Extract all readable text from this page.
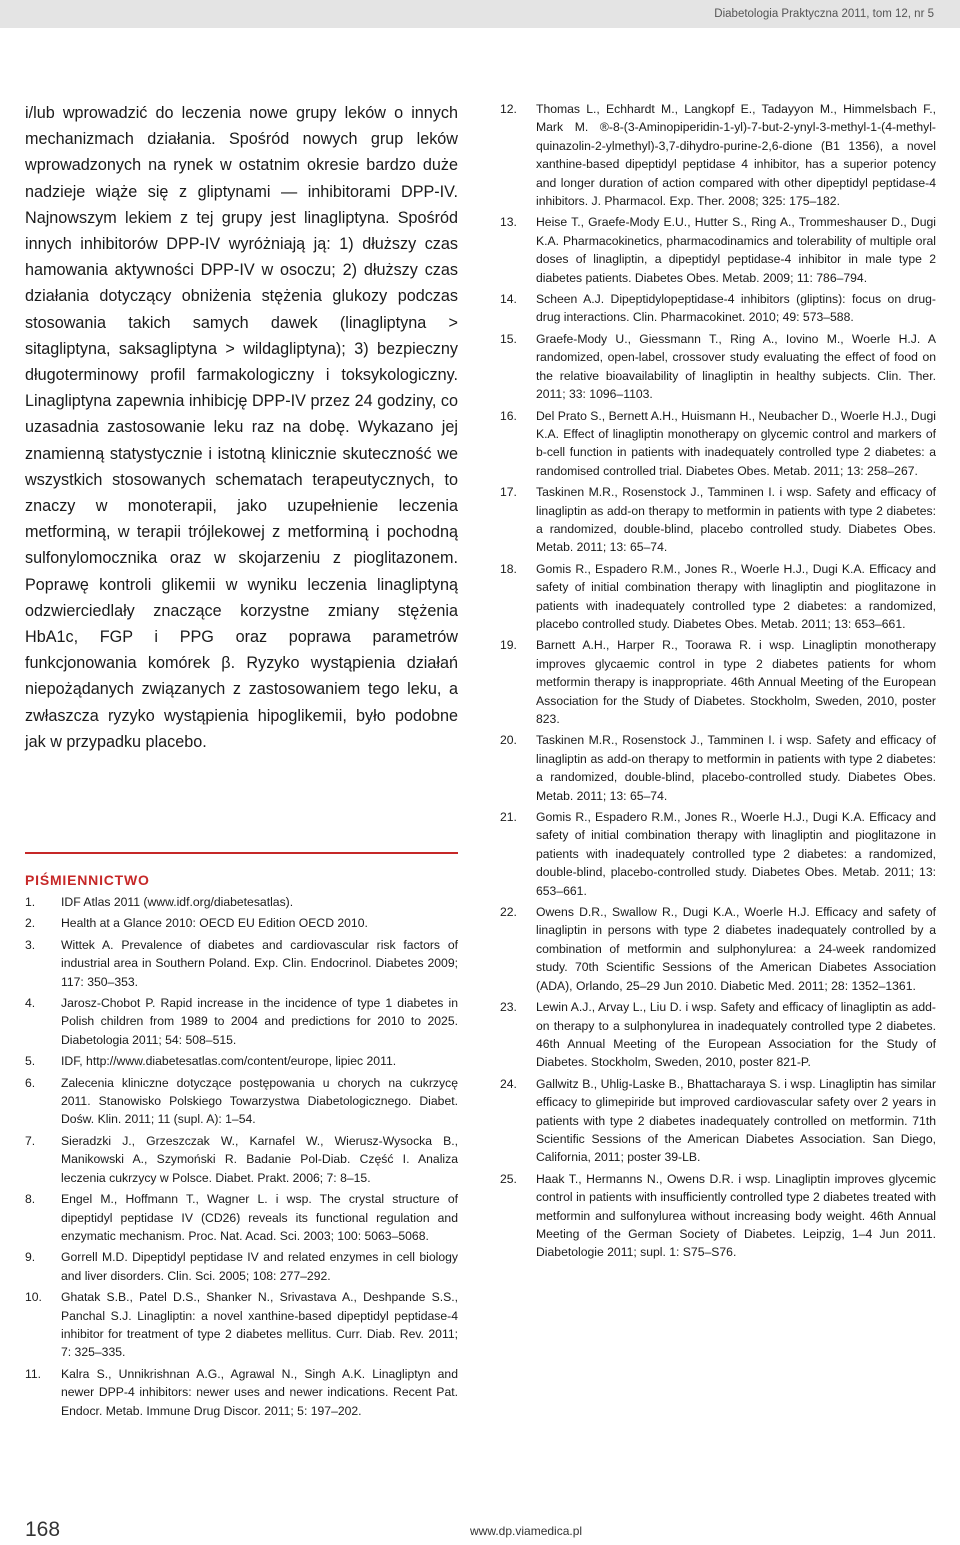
Diabetologia Praktyczna 2011, tom 12, nr 5

i/lub wprowadzić do leczenia nowe grupy leków o innych mechanizmach działania. Spośród nowych grup leków wprowadzonych na rynek w ostatnim okresie bardzo duże nadzieje wiąże się z gliptynami — inhibitorami DPP-IV. Najnowszym lekiem z tej grupy jest linagliptyna. Spośród innych inhibitorów DPP-IV wyróżniają ją: 1) dłuższy czas hamowania aktywności DPP-IV w osoczu; 2) dłuższy czas działania dotyczący obniżenia stężenia glukozy podczas stosowania takich samych dawek (linagliptyna > sitagliptyna, saksagliptyna > wildagliptyna); 3) bezpieczny długoterminowy profil farmakologiczny i toksykologiczny. Linagliptyna zapewnia inhibicję DPP-IV przez 24 godziny, co uzasadnia zastosowanie leku raz na dobę. Wykazano jej znamienną statystycznie i istotną klinicznie skuteczność we wszystkich stosowanych schematach terapeutycznych, to znaczy w monoterapii, jako uzupełnienie leczenia metforminą, w terapii trójlekowej z metforminą i pochodną sulfonylomocznika oraz w skojarzeniu z pioglitazonem. Poprawę kontroli glikemii w wyniku leczenia linagliptyną odzwierciedlały znaczące korzystne zmiany stężenia HbA1c, FGP i PPG oraz poprawa parametrów funkcjonowania komórek β. Ryzyko wystąpienia działań niepożądanych związanych z zastosowaniem tego leku, a zwłaszcza ryzyko wystąpienia hipoglikemii, było podobne jak w przypadku placebo.

PIŚMIENNICTWO
1.	IDF Atlas 2011 (www.idf.org/diabetesatlas).
2.	Health at a Glance 2010: OECD EU Edition OECD 2010.
3.	Wittek A. Prevalence of diabetes and cardiovascular risk factors of industrial area in Southern Poland. Exp. Clin. Endocrinol. Diabetes 2009; 117: 350–353.
4.	Jarosz-Chobot P. Rapid increase in the incidence of type 1 diabetes in Polish children from 1989 to 2004 and predictions for 2010 to 2025. Diabetologia 2011; 54: 508–515.
5.	IDF, http://www.diabetesatlas.com/content/europe, lipiec 2011.
6.	Zalecenia kliniczne dotyczące postępowania u chorych na cukrzycę 2011. Stanowisko Polskiego Towarzystwa Diabetologicznego. Diabet. Dośw. Klin. 2011; 11 (supl. A): 1–54.
7.	Sieradzki J., Grzeszczak W., Karnafel W., Wierusz-Wysocka B., Manikowski A., Szymoński R. Badanie Pol-Diab. Część I. Analiza leczenia cukrzycy w Polsce. Diabet. Prakt. 2006; 7: 8–15.
8.	Engel M., Hoffmann T., Wagner L. i wsp. The crystal structure of dipeptidyl peptidase IV (CD26) reveals its functional regulation and enzymatic mechanism. Proc. Nat. Acad. Sci. 2003; 100: 5063–5068.
9.	Gorrell M.D. Dipeptidyl peptidase IV and related enzymes in cell biology and liver disorders. Clin. Sci. 2005; 108: 277–292.
10.	Ghatak S.B., Patel D.S., Shanker N., Srivastava A., Deshpande S.S., Panchal S.J. Linagliptin: a novel xanthine-based dipeptidyl peptidase-4 inhibitor for treatment of type 2 diabetes mellitus. Curr. Diab. Rev. 2011; 7: 325–335.
11.	Kalra S., Unnikrishnan A.G., Agrawal N., Singh A.K. Linagliptyn and newer DPP-4 inhibitors: newer uses and newer indications. Recent Pat. Endocr. Metab. Immune Drug Discor. 2011; 5: 197–202.
12.	Thomas L., Echhardt M., Langkopf E., Tadayyon M., Himmelsbach F., Mark M. ®-8-(3-Aminopiperidin-1-yl)-7-but-2-ynyl-3-methyl-1-(4-methyl-quinazolin-2-ylmethyl)-3,7-dihydro-purine-2,6-dione (B1 1356), a novel xanthine-based dipeptidyl peptidase 4 inhibitor, has a superior potency and longer duration of action compared with other dipeptidyl peptidase-4 inhibitors. J. Pharmacol. Exp. Ther. 2008; 325: 175–182.
13.	Heise T., Graefe-Mody E.U., Hutter S., Ring A., Trommeshauser D., Dugi K.A. Pharmacokinetics, pharmacodinamics and tolerability of multiple oral doses of linagliptin, a dipeptidyl peptidase-4 inhibitor in male type 2 diabetes patients. Diabetes Obes. Metab. 2009; 11: 786–794.
14.	Scheen A.J. Dipeptidylopeptidase-4 inhibitors (gliptins): focus on drug-drug interactions. Clin. Pharmacokinet. 2010; 49: 573–588.
15.	Graefe-Mody U., Giessmann T., Ring A., Iovino M., Woerle H.J. A randomized, open-label, crossover study evaluating the effect of food on the relative bioavailability of linagliptin in healthy subjects. Clin. Ther. 2011; 33: 1096–1103.
16.	Del Prato S., Bernett A.H., Huismann H., Neubacher D., Woerle H.J., Dugi K.A. Effect of linagliptin monotherapy on glycemic control and markers of b-cell function in patients with inadequately controlled type 2 diabetes: a randomised controlled trial. Diabetes Obes. Metab. 2011; 13: 258–267.
17.	Taskinen M.R., Rosenstock J., Tamminen I. i wsp. Safety and efficacy of linagliptin as add-on therapy to metformin in patients with type 2 diabetes: a randomized, double-blind, placebo controlled study. Diabetes Obes. Metab. 2011; 13: 65–74.
18.	Gomis R., Espadero R.M., Jones R., Woerle H.J., Dugi K.A. Efficacy and safety of initial combination therapy with linagliptin and pioglitazone in patients with inadequately controlled type 2 diabetes: a randomized, placebo controlled study. Diabetes Obes. Metab. 2011; 13: 653–661.
19.	Barnett A.H., Harper R., Toorawa R. i wsp. Linagliptin monotherapy improves glycaemic control in type 2 diabetes patients for whom metformin therapy is inappropriate. 46th Annual Meeting of the European Association for the Study of Diabetes. Stockholm, Sweden, 2010, poster 823.
20.	Taskinen M.R., Rosenstock J., Tamminen I. i wsp. Safety and efficacy of linagliptin as add-on therapy to metformin in patients with type 2 diabetes: a randomized, double-blind, placebo-controlled study. Diabetes Obes. Metab. 2011; 13: 65–74.
21.	Gomis R., Espadero R.M., Jones R., Woerle H.J., Dugi K.A. Efficacy and safety of initial combination therapy with linagliptin and pioglitazone in patients with inadequately controlled type 2 diabetes: a randomized, double-blind, placebo-controlled study. Diabetes Obes. Metab. 2011; 13: 653–661.
22.	Owens D.R., Swallow R., Dugi K.A., Woerle H.J. Efficacy and safety of linagliptin in persons with type 2 diabetes inadequately controlled by a combination of metformin and sulphonylurea: a 24-week randomized study. 70th Scientific Sessions of the American Diabetes Association (ADA), Orlando, 25–29 Jun 2010. Diabetic Med. 2011; 28: 1352–1361.
23.	Lewin A.J., Arvay L., Liu D. i wsp. Safety and efficacy of linagliptin as add-on therapy to a sulphonylurea in inadequately controlled type 2 diabetes. 46th Annual Meeting of the European Association for the Study of Diabetes. Stockholm, Sweden, 2010, poster 821-P.
24.	Gallwitz B., Uhlig-Laske B., Bhattacharaya S. i wsp. Linagliptin has similar efficacy to glimepiride but improved cardiovascular safety over 2 years in patients with type 2 diabetes inadequately controlled on metformin. 71th Scientific Sessions of the American Diabetes Association. San Diego, California, 2011; poster 39-LB.
25.	Haak T., Hermanns N., Owens D.R. i wsp. Linagliptin improves glycemic control in patients with insufficiently controlled type 2 diabetes treated with metformin and sulfonylurea without increasing body weight. 46th Annual Meeting of the German Society of Diabetes. Leipzig, 1–4 Jun 2011. Diabetologie 2011; supl. 1: S75–S76.
168	www.dp.viamedica.pl
